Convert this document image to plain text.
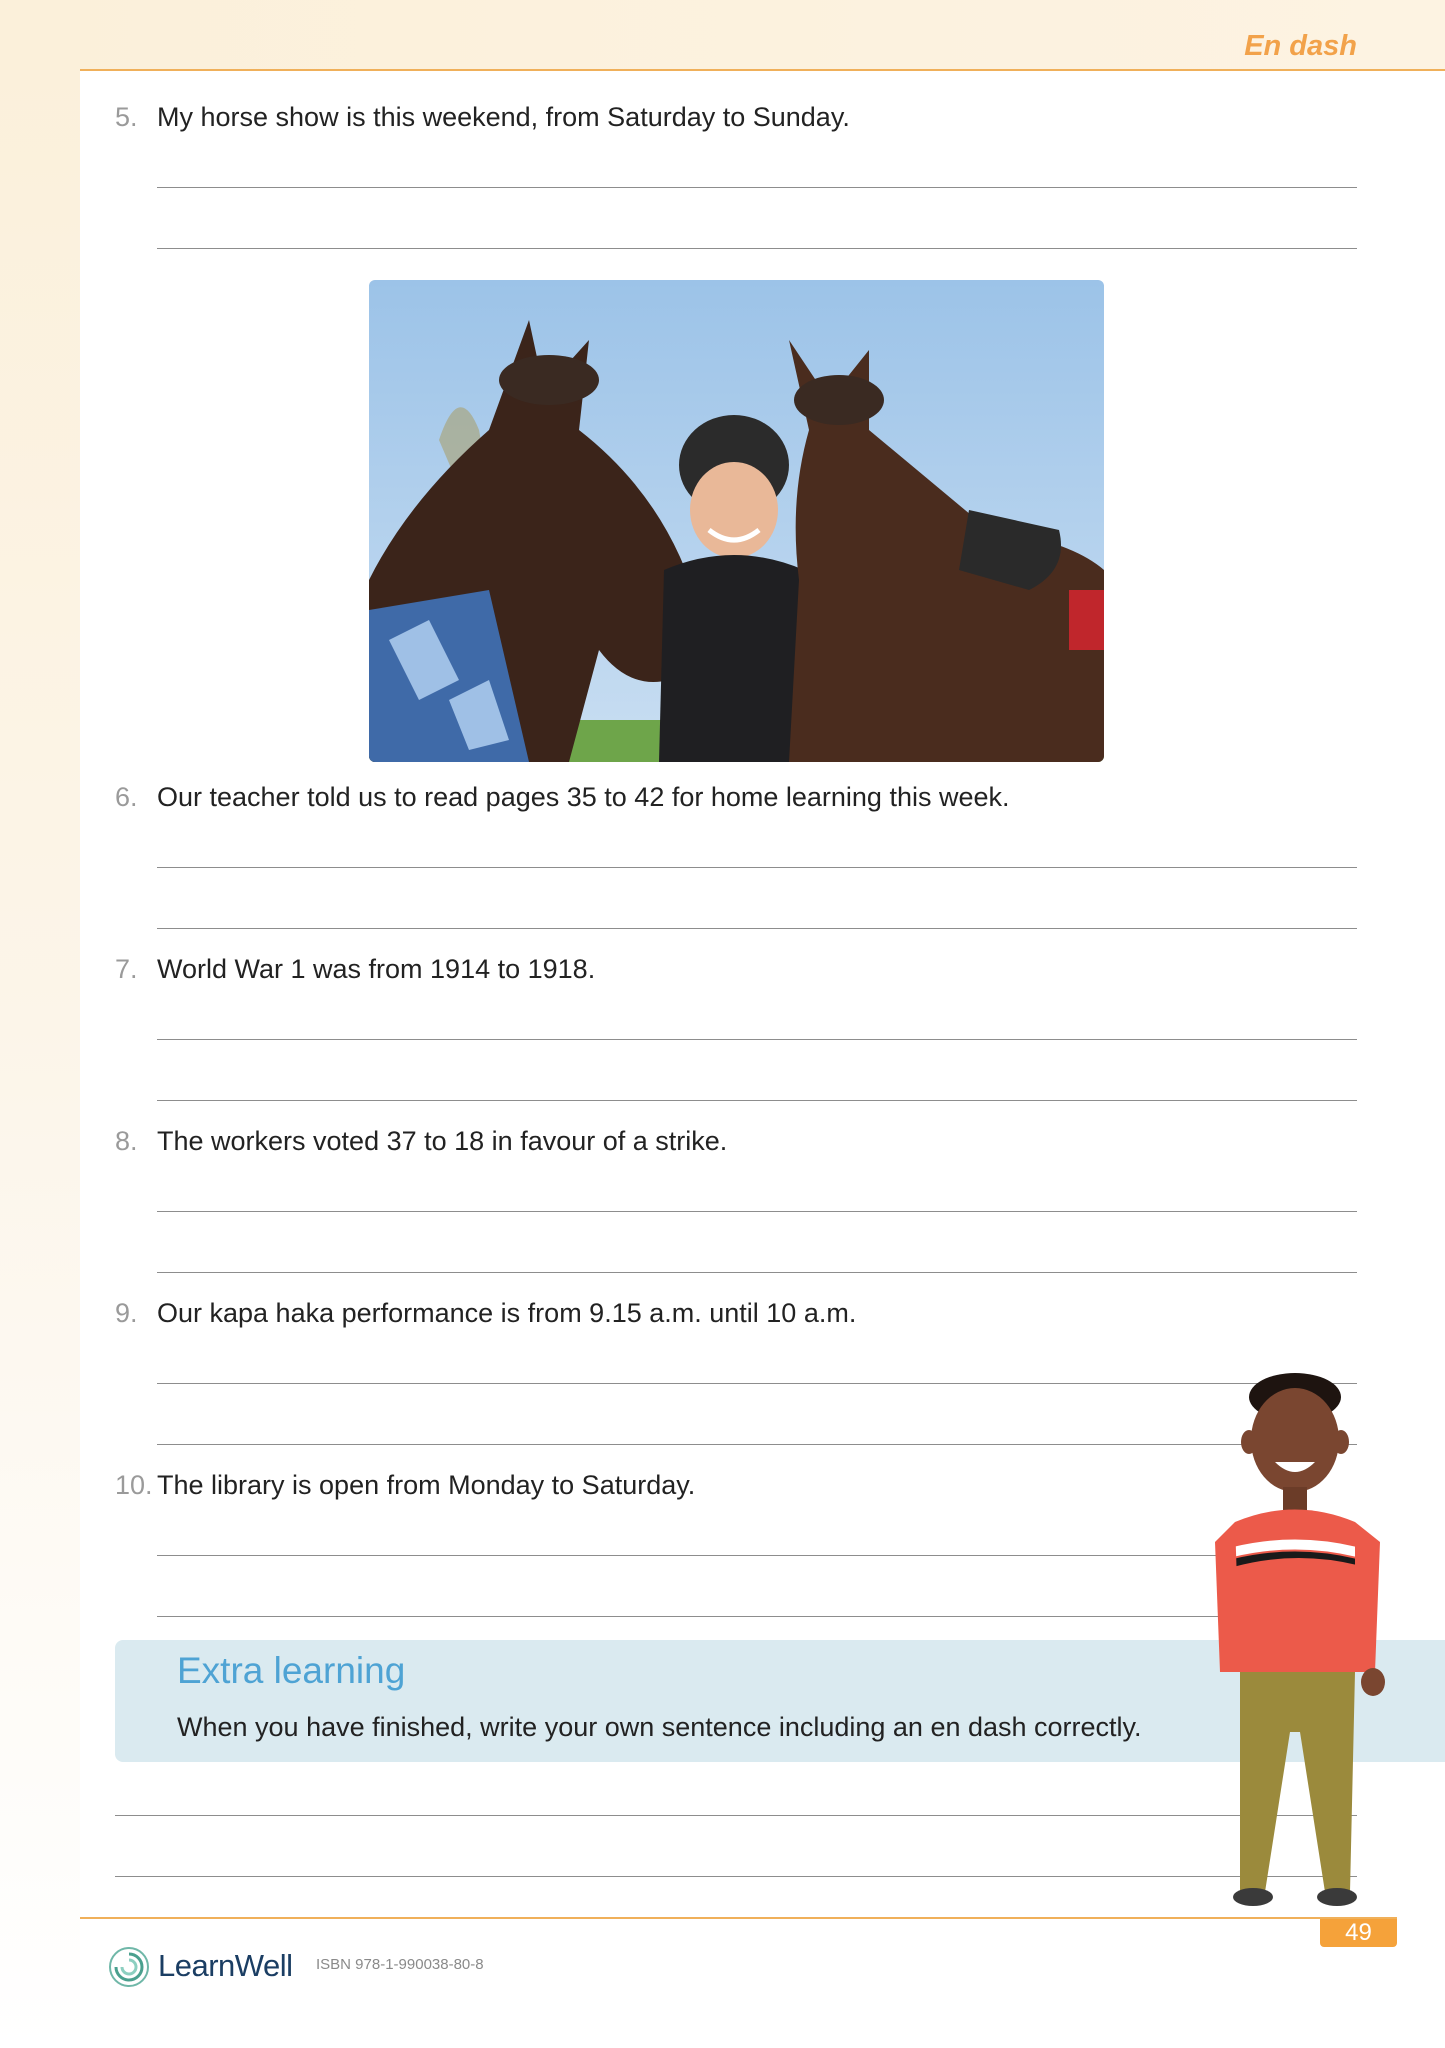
En dash
5. My horse show is this weekend, from Saturday to Sunday.
6. Our teacher told us to read pages 35 to 42 for home learning this week.
7. World War 1 was from 1914 to 1918.
8. The workers voted 37 to 18 in favour of a strike.
9. Our kapa haka performance is from 9.15 a.m. until 10 a.m.
10. The library is open from Monday to Saturday.
Extra learning
When you have finished, write your own sentence including an en dash correctly.
49
LearnWell ISBN 978-1-990038-80-8
